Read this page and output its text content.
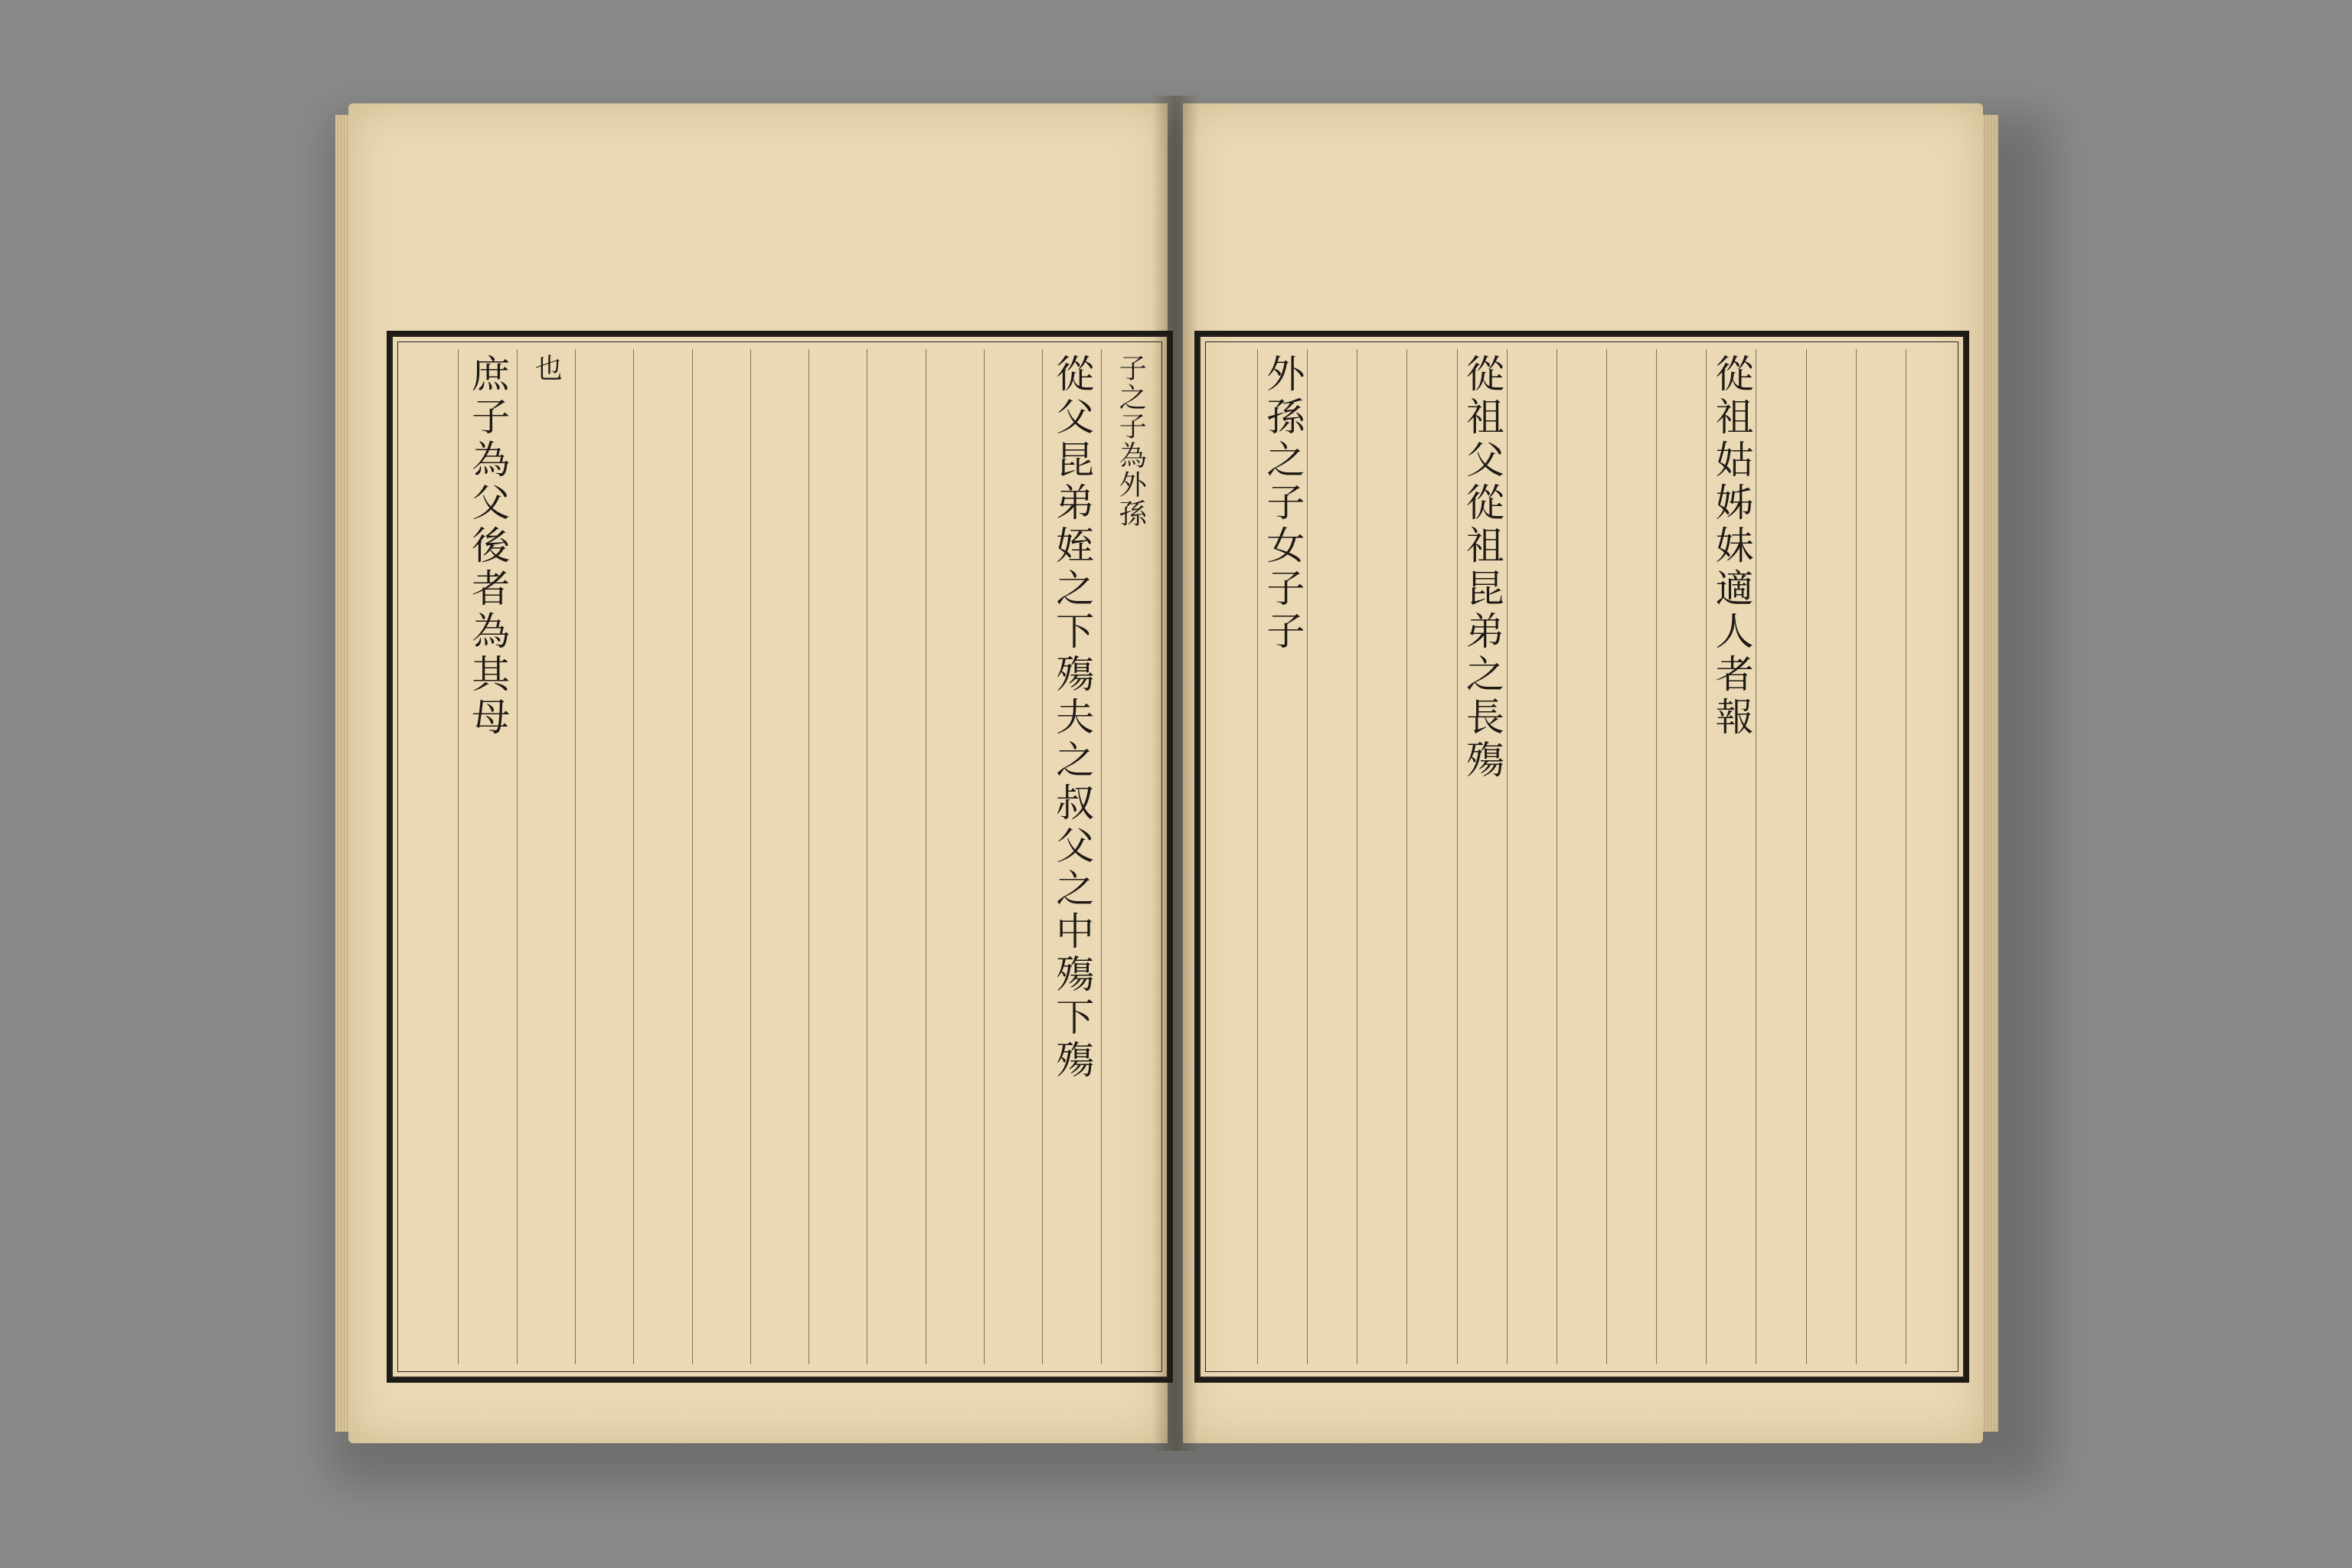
子之子為外孫
從父昆弟姪之下殤夫之叔父之中殤下殤
也
庶子為父後者為其母	從祖姑姊妹適人者報
從祖父從祖昆弟之長殤
外孫之子女子子
